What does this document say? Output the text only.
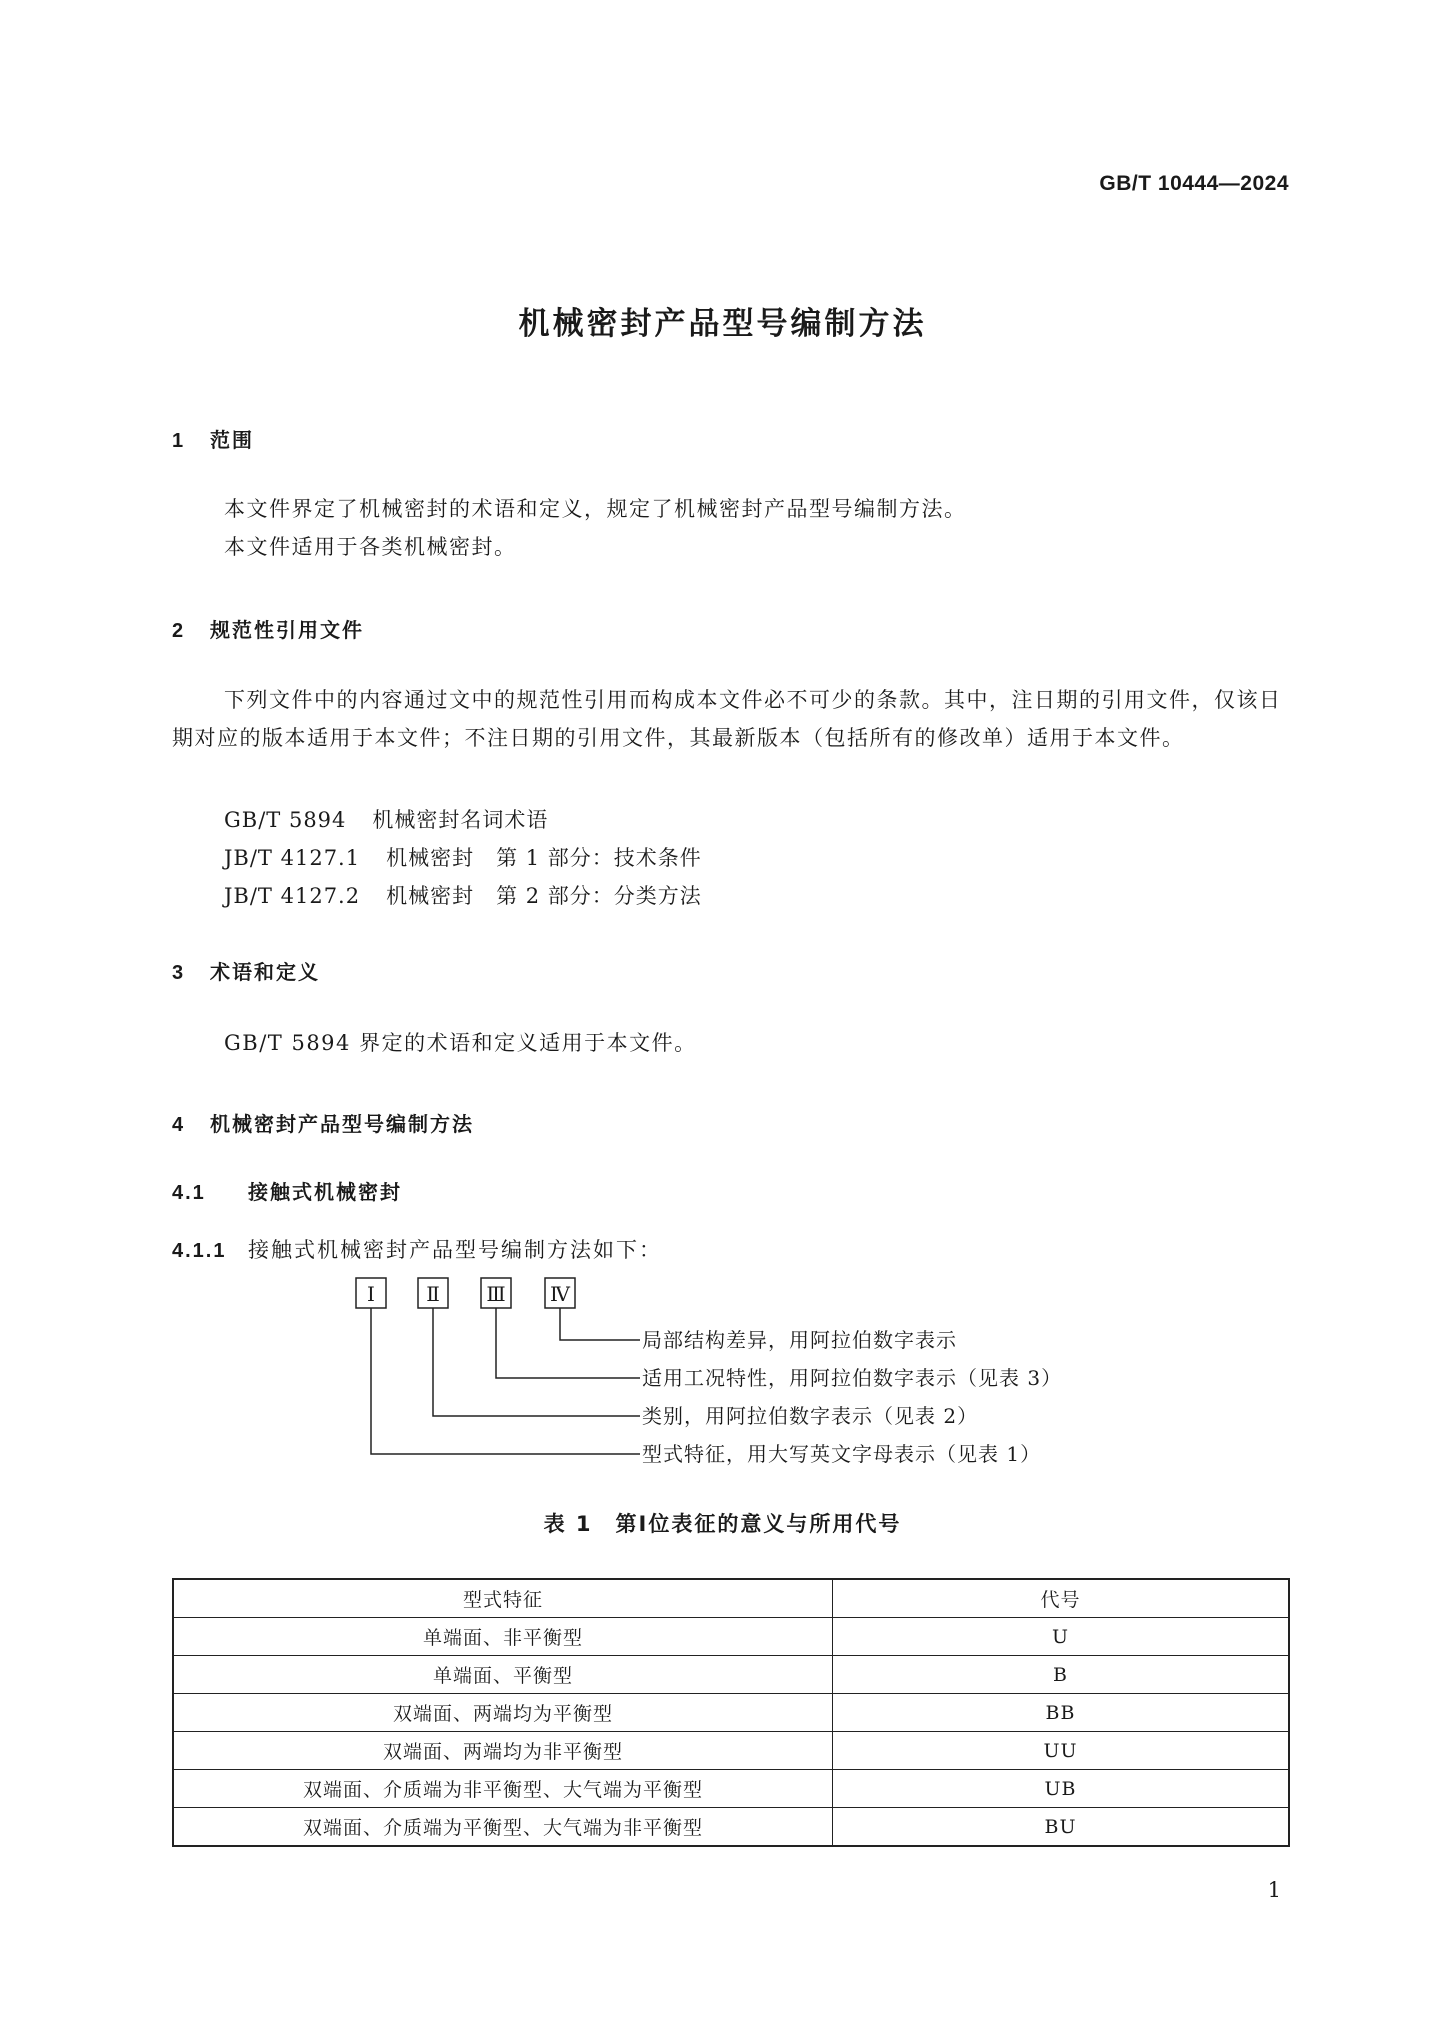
GB/T 10444—2024
机械密封产品型号编制方法
1 范围
本文件界定了机械密封的术语和定义，规定了机械密封产品型号编制方法。
本文件适用于各类机械密封。
2 规范性引用文件
下列文件中的内容通过文中的规范性引用而构成本文件必不可少的条款。其中，注日期的引用文件，仅该日期对应的版本适用于本文件；不注日期的引用文件，其最新版本（包括所有的修改单）适用于本文件。
GB/T 5894 机械密封名词术语
JB/T 4127.1 机械密封　第 1 部分：技术条件
JB/T 4127.2 机械密封　第 2 部分：分类方法
3 术语和定义
GB/T 5894 界定的术语和定义适用于本文件。
4 机械密封产品型号编制方法
4.1 接触式机械密封
4.1.1 接触式机械密封产品型号编制方法如下：
Ⅰ	Ⅱ Ⅲ Ⅳ
局部结构差异，用阿拉伯数字表示
适用工况特性，用阿拉伯数字表示（见表 3）
类别，用阿拉伯数字表示（见表 2）
型式特征，用大写英文字母表示（见表 1）
表 1　第Ⅰ位表征的意义与所用代号
型式特征	代号
单端面、非平衡型	U
单端面、平衡型	B
双端面、两端均为平衡型	BB
双端面、两端均为非平衡型	UU
双端面、介质端为非平衡型、大气端为平衡型	UB
双端面、介质端为平衡型、大气端为非平衡型	BU
1
